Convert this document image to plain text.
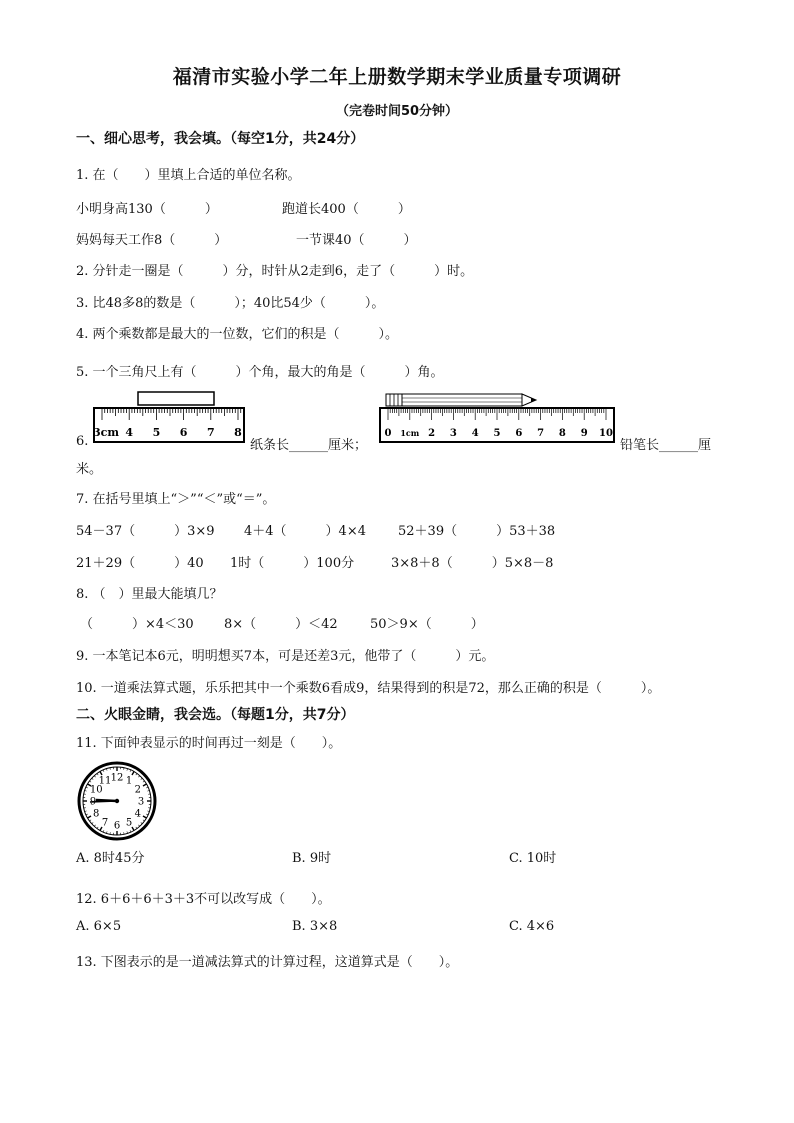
福清市实验小学二年上册数学期末学业质量专项调研
（完卷时间50分钟）
一、细心思考，我会填。（每空1分，共24分）
1. 在（　　）里填上合适的单位名称。
小明身高130（　　　）	跑道长400（　　　）
妈妈每天工作8（　　　）	一节课40（　　　）
2. 分针走一圈是（　　　）分，时针从2走到6，走了（　　　）时。
3. 比48多8的数是（　　　）；40比54少（　　　）。
4. 两个乘数都是最大的一位数，它们的积是（　　　）。
5. 一个三角尺上有（　　　）个角，最大的角是（　　　）角。
3cm 4 5 6 7 8	0 1cm 2 3 4 5 6 7 8 9 10
6.	纸条长______厘米；	铅笔长______厘
米。
7. 在括号里填上“＞”“＜”或“＝”。
54－37（　　　）3×9 4＋4（　　　）4×4 52＋39（　　　）53＋38
21＋29（　　　）40 1时（　　　）100分	3×8＋8（　　　）5×8－8
8. （　）里最大能填几？
（　　　）×4＜30 8×（　　　）＜42 50＞9×（　　　）
9. 一本笔记本6元，明明想买7本，可是还差3元，他带了（　　　）元。
10. 一道乘法算式题，乐乐把其中一个乘数6看成9，结果得到的积是72，那么正确的积是（　　　）。
二、火眼金睛，我会选。（每题1分，共7分）
11. 下面钟表显示的时间再过一刻是（　　）。
12 1
2
3
4
5
6
7
8
10
11
A. 8时45分	B. 9时	C. 10时
12. 6＋6＋6＋3＋3不可以改写成（　　）。
A. 6×5	B. 3×8	C. 4×6
13. 下图表示的是一道减法算式的计算过程，这道算式是（　　）。
